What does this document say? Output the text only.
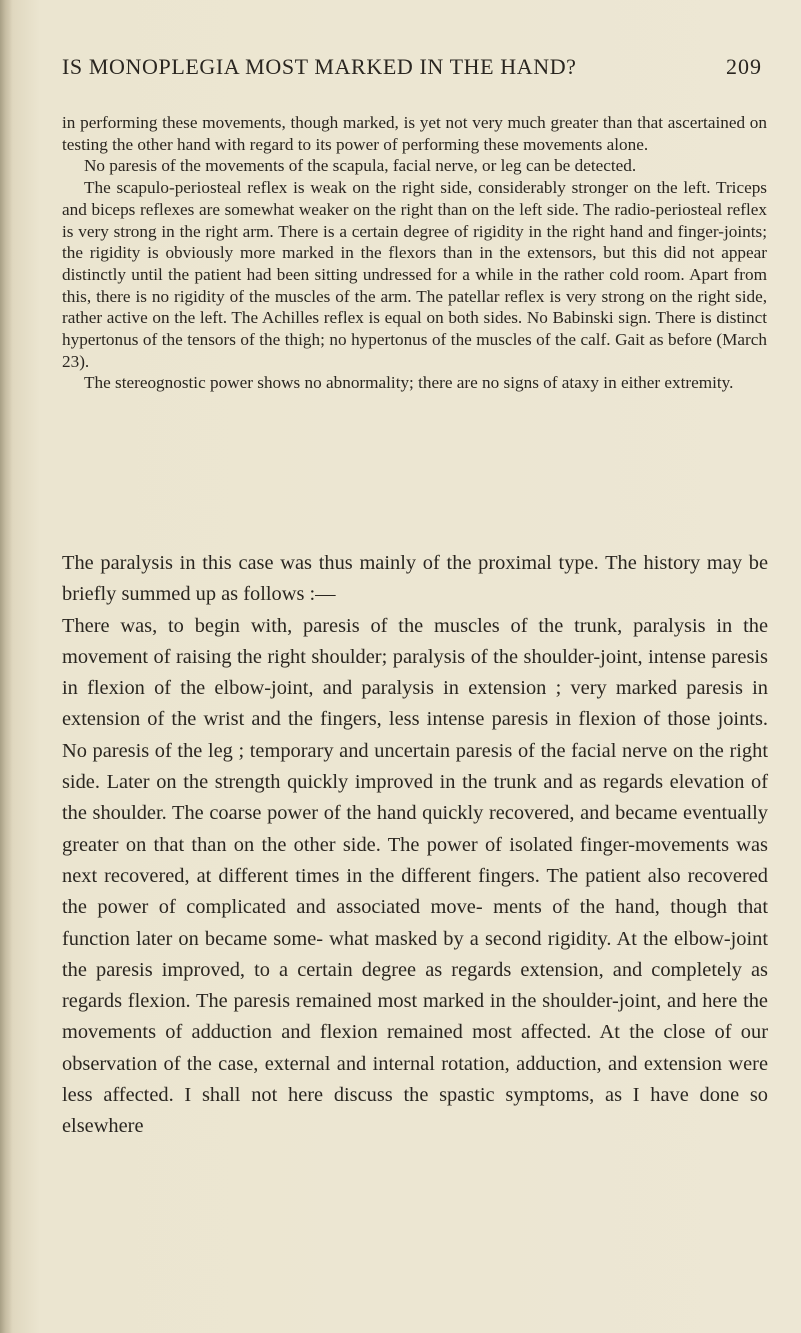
IS MONOPLEGIA MOST MARKED IN THE HAND?	209

in performing these movements, though marked, is yet not very much greater than that ascertained on testing the other hand with regard to its power of performing these movements alone.

No paresis of the movements of the scapula, facial nerve, or leg can be detected.

The scapulo-periosteal reflex is weak on the right side, considerably stronger on the left. Triceps and biceps reflexes are somewhat weaker on the right than on the left side. The radio-periosteal reflex is very strong in the right arm. There is a certain degree of rigidity in the right hand and finger-joints; the rigidity is obviously more marked in the flexors than in the extensors, but this did not appear distinctly until the patient had been sitting undressed for a while in the rather cold room. Apart from this, there is no rigidity of the muscles of the arm. The patellar reflex is very strong on the right side, rather active on the left. The Achilles reflex is equal on both sides. No Babinski sign. There is distinct hypertonus of the tensors of the thigh; no hypertonus of the muscles of the calf. Gait as before (March 23).

The stereognostic power shows no abnormality; there are no signs of ataxy in either extremity.

The paralysis in this case was thus mainly of the proximal type. The history may be briefly summed up as follows :—

There was, to begin with, paresis of the muscles of the trunk, paralysis in the movement of raising the right shoulder; paralysis of the shoulder-joint, intense paresis in flexion of the elbow-joint, and paralysis in extension ; very marked paresis in extension of the wrist and the fingers, less intense paresis in flexion of those joints. No paresis of the leg ; temporary and uncertain paresis of the facial nerve on the right side. Later on the strength quickly improved in the trunk and as regards elevation of the shoulder. The coarse power of the hand quickly recovered, and became eventually greater on that than on the other side. The power of isolated finger-movements was next recovered, at different times in the different fingers. The patient also recovered the power of complicated and associated move- ments of the hand, though that function later on became some- what masked by a second rigidity. At the elbow-joint the paresis improved, to a certain degree as regards extension, and completely as regards flexion. The paresis remained most marked in the shoulder-joint, and here the movements of adduction and flexion remained most affected. At the close of our observation of the case, external and internal rotation, adduction, and extension were less affected. I shall not here discuss the spastic symptoms, as I have done so elsewhere
